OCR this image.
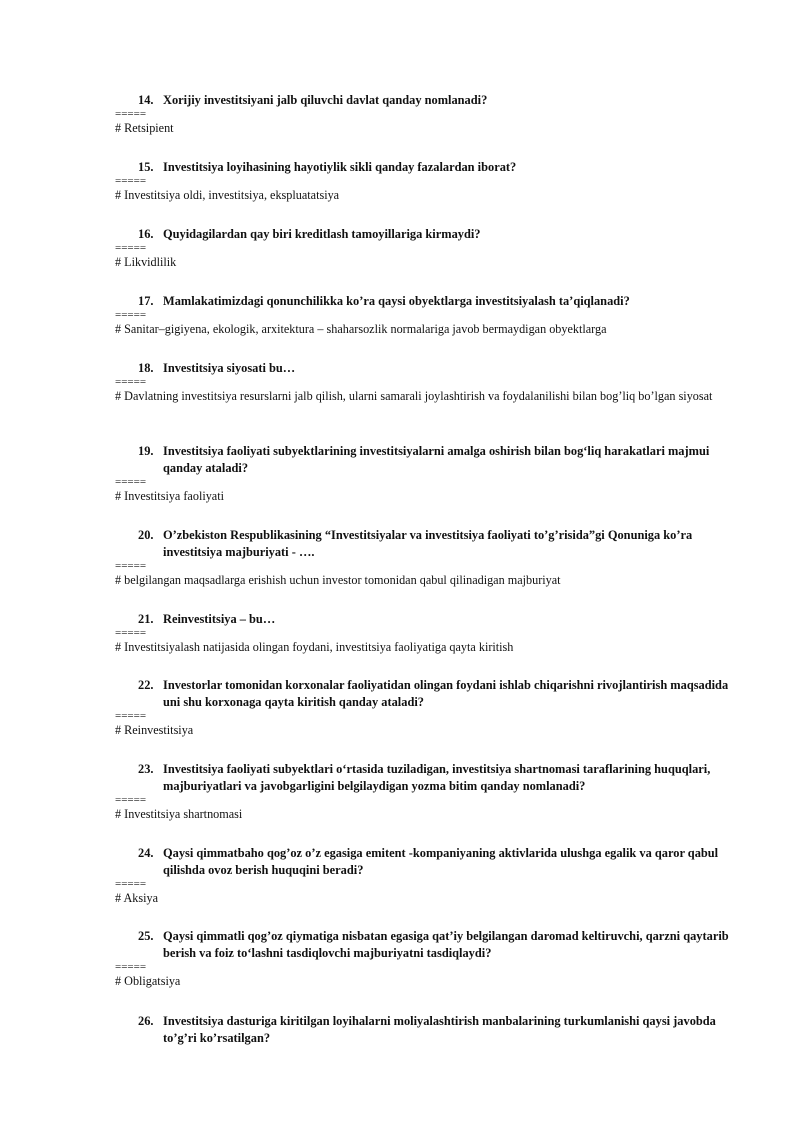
14. Xorijiy investitsiyani jalb qiluvchi davlat qanday nomlanadi?
=====
# Retsipient
15. Investitsiya loyihasining hayotiylik sikli qanday fazalardan iborat?
=====
# Investitsiya oldi, investitsiya, ekspluatatsiya
16. Quyidagilardan qay biri kreditlash tamoyillariga kirmaydi?
=====
# Likvidlilik
17. Mamlakatimizdagi qonunchilikka ko’ra qaysi obyektlarga investitsiyalash ta’qiqlanadi?
=====
# Sanitar–gigiyena, ekologik, arxitektura – shaharsozlik normalariga javob bermaydigan obyektlarga
18. Investitsiya siyosati bu…
=====
# Davlatning investitsiya resurslarni jalb qilish, ularni samarali joylashtirish va foydalanilishi bilan bog’liq bo’lgan siyosat
19. Investitsiya faoliyati subyektlarining investitsiyalarni amalga oshirish bilan bog‘liq harakatlari majmui qanday ataladi?
=====
# Investitsiya faoliyati
20. O’zbekiston Respublikasining “Investitsiyalar va investitsiya faoliyati to’g’risida”gi Qonuniga ko’ra investitsiya majburiyati - ….
=====
# belgilangan maqsadlarga erishish uchun investor tomonidan qabul qilinadigan majburiyat
21. Reinvestitsiya – bu…
=====
# Investitsiyalash natijasida olingan foydani, investitsiya faoliyatiga qayta kiritish
22. Investorlar tomonidan korxonalar faoliyatidan olingan foydani ishlab chiqarishni rivojlantirish maqsadida uni shu korxonaga qayta kiritish qanday ataladi?
=====
# Reinvestitsiya
23. Investitsiya faoliyati subyektlari o‘rtasida tuziladigan, investitsiya shartnomasi taraflarining huquqlari, majburiyatlari va javobgarligini belgilaydigan yozma bitim qanday nomlanadi?
=====
# Investitsiya shartnomasi
24. Qaysi qimmatbaho qog’oz o’z egasiga emitent -kompaniyaning aktivlarida ulushga egalik va qaror qabul qilishda ovoz berish huquqini beradi?
=====
# Aksiya
25. Qaysi qimmatli qog’oz qiymatiga nisbatan egasiga qat’iy belgilangan daromad keltiruvchi, qarzni qaytarib berish va foiz to‘lashni tasdiqlovchi majburiyatni tasdiqlaydi?
=====
# Obligatsiya
26. Investitsiya dasturiga kiritilgan loyihalarni moliyalashtirish manbalarining turkumlanishi qaysi javobda to’g’ri ko’rsatilgan?
